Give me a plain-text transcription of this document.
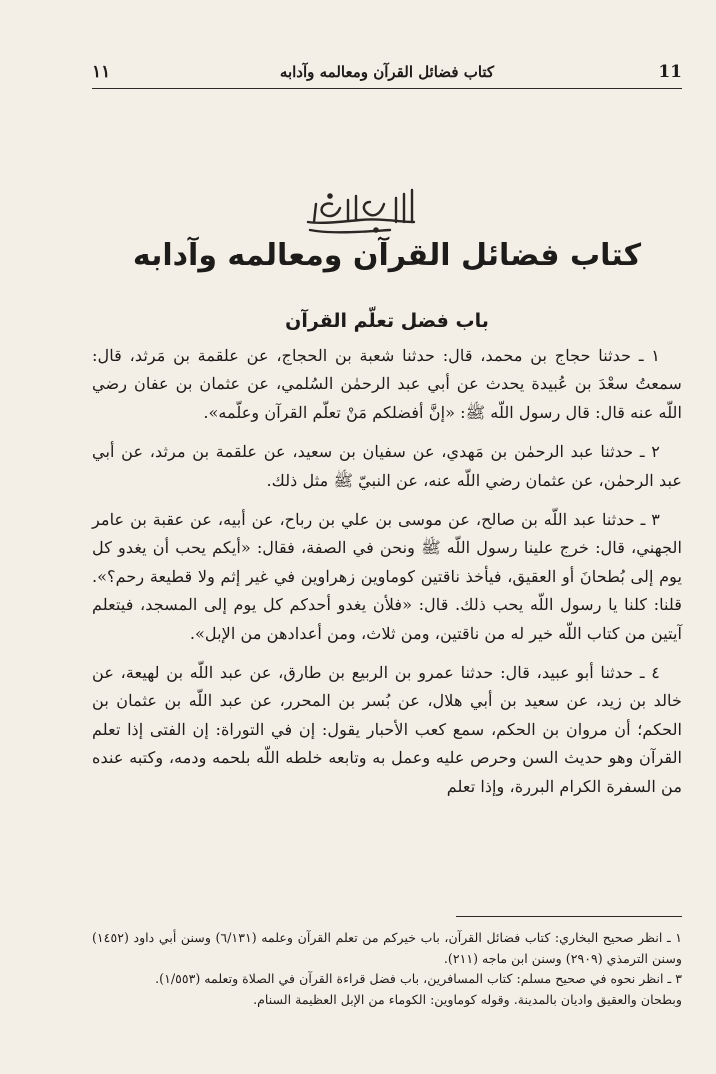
11
كتاب فضائل القرآن ومعالمه وآدابه
١١
كتاب فضائل القرآن ومعالمه وآدابه
باب فضل تعلّم القرآن

١ ـ حدثنا حجاج بن محمد، قال: حدثنا شعبة بن الحجاج، عن علقمة بن مَرثد، قال: سمعتُ سعْدَ بن عُبيدة يحدث عن أبي عبد الرحمٰن السُلمي، عن عثمان بن عفان رضي اللّه عنه قال: قال رسول اللّه ﷺ: «إنَّ أفضلكم مَنْ تعلّم القرآن وعلّمه».

٢ ـ حدثنا عبد الرحمٰن بن مَهدي، عن سفيان بن سعيد، عن علقمة بن مرثد، عن أبي عبد الرحمٰن، عن عثمان رضي اللّه عنه، عن النبيّ ﷺ مثل ذلك.

٣ ـ حدثنا عبد اللّه بن صالح، عن موسى بن علي بن رباح، عن أبيه، عن عقبة بن عامر الجهني، قال: خرج علينا رسول اللّه ﷺ ونحن في الصفة، فقال: «أيكم يحب أن يغدو كل يوم إلى بُطحانَ أو العقيق، فيأخذ ناقتين كوماوين زهراوين في غير إثم ولا قطيعة رحم؟». قلنا: كلنا يا رسول اللّه يحب ذلك. قال: «فلأن يغدو أحدكم كل يوم إلى المسجد، فيتعلم آيتين من كتاب اللّه خير له من ناقتين، ومن ثلاث، ومن أعدادهن من الإبل».

٤ ـ حدثنا أبو عبيد، قال: حدثنا عمرو بن الربيع بن طارق، عن عبد اللّه بن لهيعة، عن خالد بن زيد، عن سعيد بن أبي هلال، عن بُسر بن المحرر، عن عبد اللّه بن عثمان بن الحكم؛ أن مروان بن الحكم، سمع كعب الأحبار يقول: إن في التوراة: إن الفتى إذا تعلم القرآن وهو حديث السن وحرص عليه وعمل به وتابعه خلطه اللّه بلحمه ودمه، وكتبه عنده من السفرة الكرام البررة، وإذا تعلم

١ ـ انظر صحيح البخاري: كتاب فضائل القرآن، باب خيركم من تعلم القرآن وعلمه (٦/١٣١) وسنن أبي داود (١٤٥٢) وسنن الترمذي (٢٩٠٩) وسنن ابن ماجه (٢١١).

٣ ـ انظر نحوه في صحيح مسلم: كتاب المسافرين، باب فضل قراءة القرآن في الصلاة وتعلمه (١/٥٥٣).

وبطحان والعقيق واديان بالمدينة. وقوله كوماوين: الكوماء من الإبل العظيمة السنام.
